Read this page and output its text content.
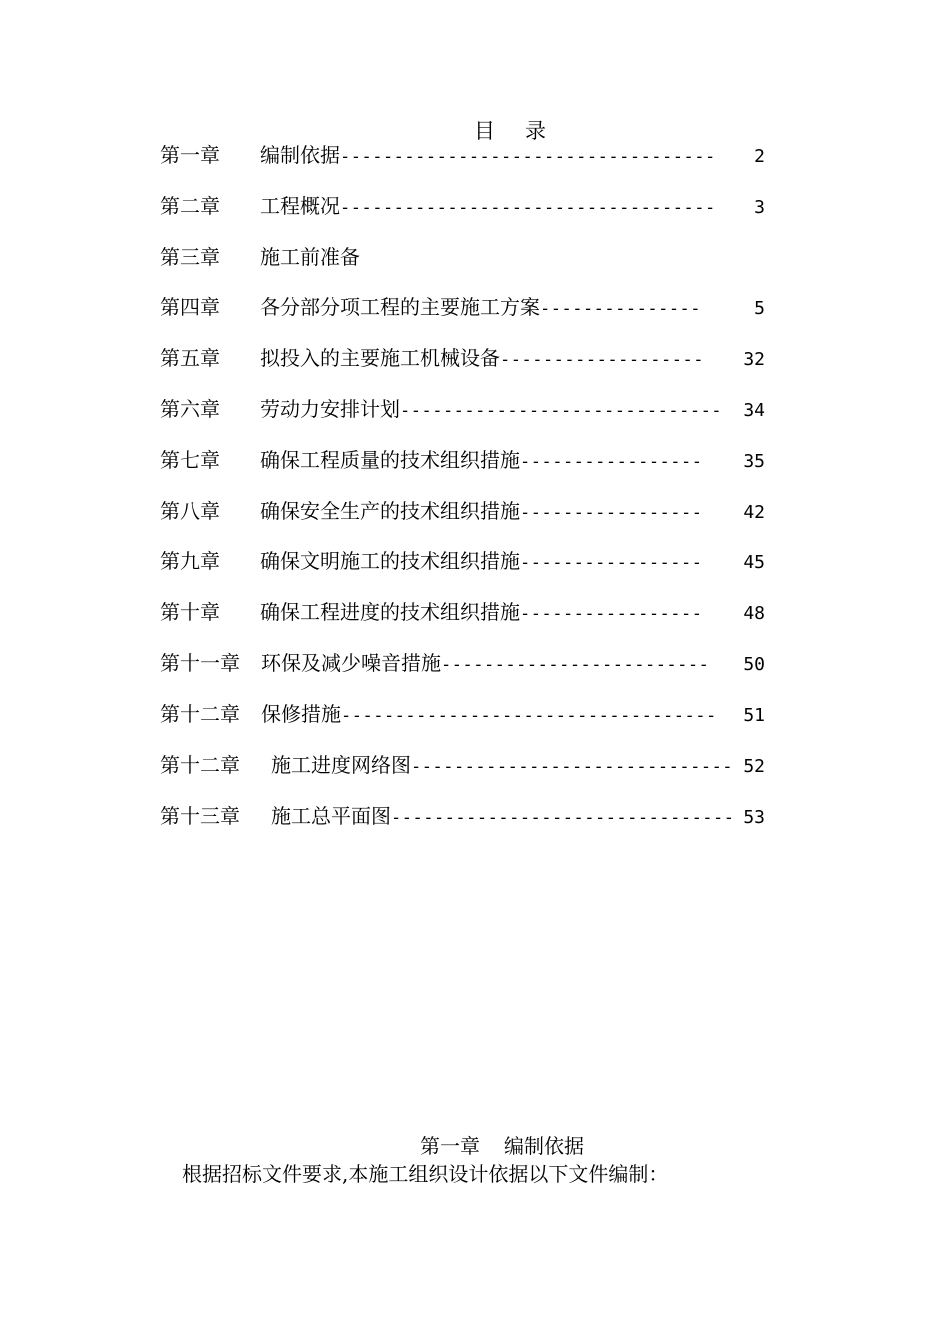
目 录
第一章 编制依据 -----------------------------------	2
第二章 工程概况 -----------------------------------	3
第三章 施工前准备
第四章 各分部分项工程的主要施工方案 ---------------	5
第五章 拟投入的主要施工机械设备 -------------------	32
第六章 劳动力安排计划 ------------------------------	34
第七章 确保工程质量的技术组织措施 -----------------	35
第八章 确保安全生产的技术组织措施 -----------------	42
第九章 确保文明施工的技术组织措施 -----------------	45
第十章 确保工程进度的技术组织措施 -----------------	48
第十一章 环保及减少噪音措施 -------------------------	50
第十二章 保修措施 -----------------------------------	51
第十二章 施工进度网络图 ------------------------------ 52
第十三章 施工总平面图 -------------------------------- 53
第一章 编制依据
根据招标文件要求,本施工组织设计依据以下文件编制：
